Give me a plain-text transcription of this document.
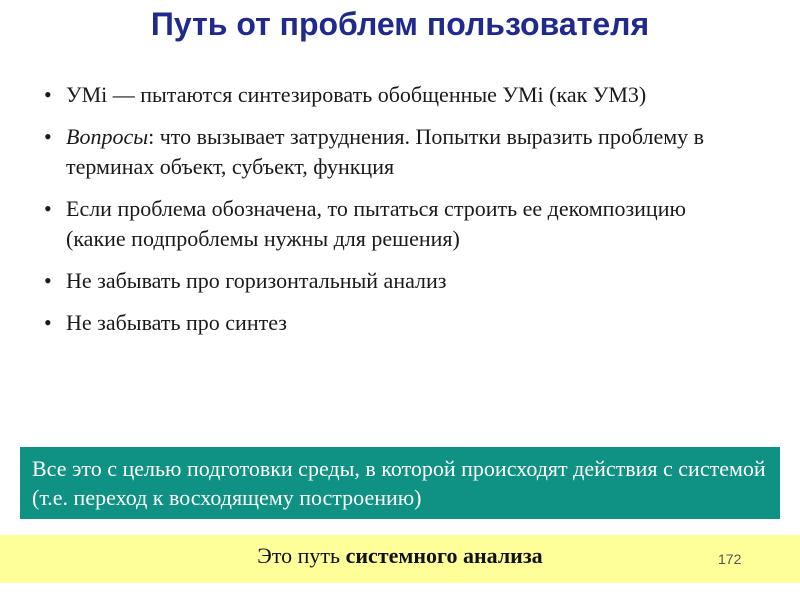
Путь от проблем пользователя
• УМi — пытаются синтезировать обобщенные УМi (как УМ3)
• Вопросы: что вызывает затруднения. Попытки выразить проблему в терминах объект, субъект, функция
• Если проблема обозначена, то пытаться строить ее декомпозицию (какие подпроблемы нужны для решения)
• Не забывать про горизонтальный анализ
• Не забывать про синтез
Все это с целью подготовки среды, в которой происходят действия с системой (т.е. переход к восходящему построению)
Это путь системного анализа	172
